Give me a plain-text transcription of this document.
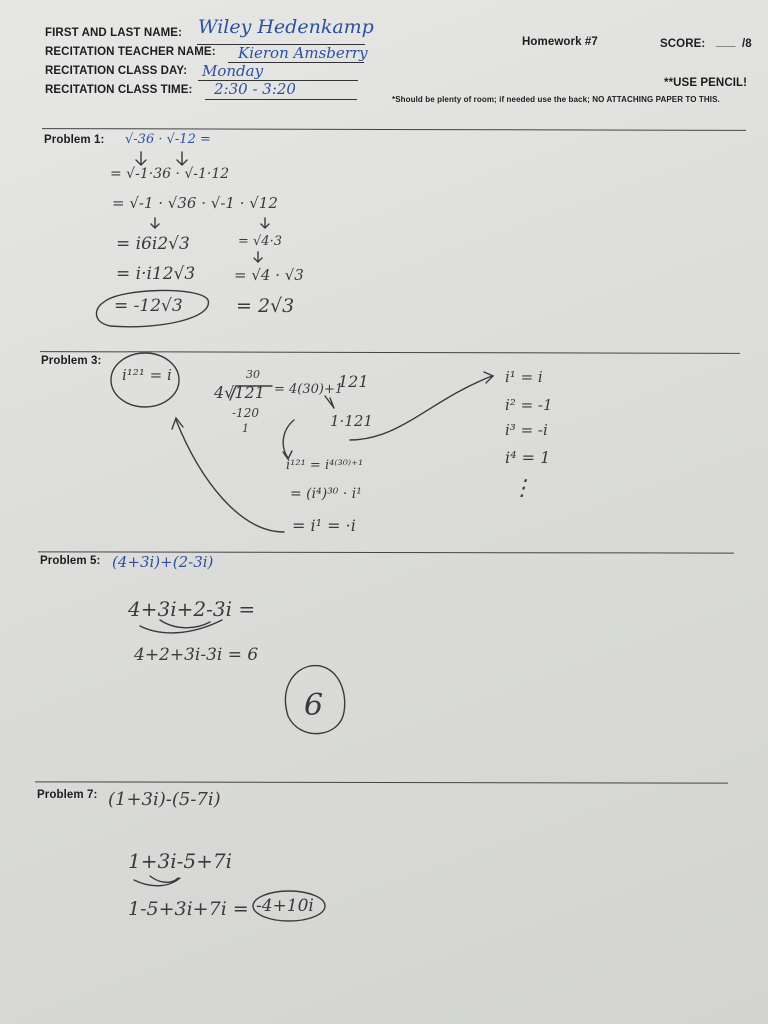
FIRST AND LAST NAME: Wiley Hedenkamp
RECITATION TEACHER NAME: Kieron Amsberry
RECITATION CLASS DAY: Monday
RECITATION CLASS TIME: 2:30 - 3:20
Homework #7	SCORE: ___ /8
**USE PENCIL!
*Should be plenty of room; if needed use the back; NO ATTACHING PAPER TO THIS.
Problem 1: √-36 · √-12 =
= √-1·36 · √-1·12
= √-1 · √36 · √-1 · √12
= i6i2√3
= i·i12√3
= -12√3
= √4·3
= √4 · √3
= 2√3
Problem 3:
i¹²¹ = i	30
4√121
-120
1
= 4(30)+1
121
1·121
i¹²¹ = i⁴⁽³⁰⁾⁺¹
= (i⁴)³⁰ · i¹
= i¹ = ·i
i¹ = i
i² = -1
i³ = -i
i⁴ = 1
⋮
Problem 5: (4+3i)+(2-3i)
4+3i+2-3i =
4+2+3i-3i = 6
6
Problem 7: (1+3i)-(5-7i)
1+3i-5+7i
1-5+3i+7i = -4+10i
